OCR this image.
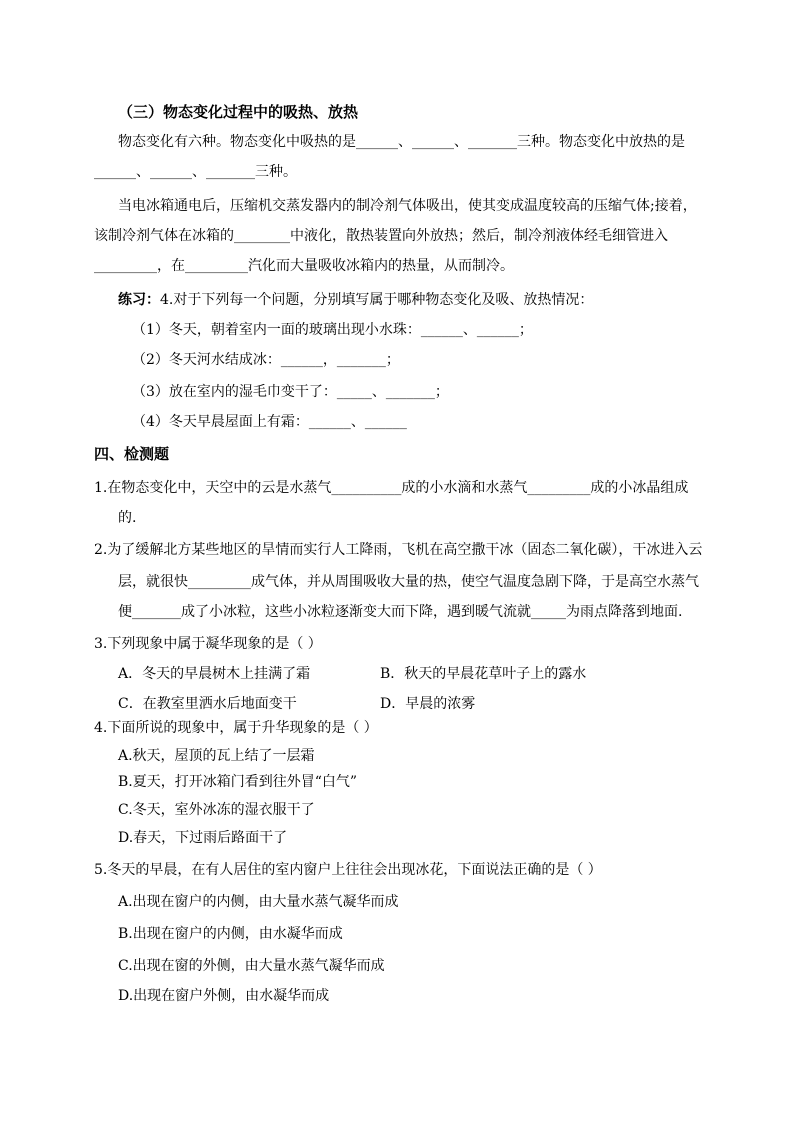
（三）物态变化过程中的吸热、放热
物态变化有六种。物态变化中吸热的是______、______、_______三种。物态变化中放热的是
______、______、_______三种。
当电冰箱通电后，压缩机交蒸发器内的制冷剂气体吸出，使其变成温度较高的压缩气体;接着，
该制冷剂气体在冰箱的________中液化，散热装置向外放热；然后，制冷剂液体经毛细管进入
_________，在_________汽化而大量吸收冰箱内的热量，从而制冷。
练习：4.对于下列每一个问题，分别填写属于哪种物态变化及吸、放热情况：
（1）冬天，朝着室内一面的玻璃出现小水珠：______、______；
（2）冬天河水结成冰：______，_______；
（3）放在室内的湿毛巾变干了：_____、_______；
（4）冬天早晨屋面上有霜：______、______
四、检测题
1.在物态变化中，天空中的云是水蒸气__________成的小水滴和水蒸气_________成的小冰晶组成
的.
2.为了缓解北方某些地区的旱情而实行人工降雨，飞机在高空撒干冰（固态二氧化碳），干冰进入云
层，就很快_________成气体，并从周围吸收大量的热，使空气温度急剧下降，于是高空水蒸气
便_______成了小冰粒，这些小冰粒逐渐变大而下降，遇到暖气流就_____为雨点降落到地面.
3.下列现象中属于凝华现象的是（ ）
A．冬天的早晨树木上挂满了霜	B．秋天的早晨花草叶子上的露水
C．在教室里洒水后地面变干	D．早晨的浓雾
4.下面所说的现象中，属于升华现象的是（ ）
A.秋天，屋顶的瓦上结了一层霜
B.夏天，打开冰箱门看到往外冒“白气”
C.冬天，室外冰冻的湿衣服干了
D.春天，下过雨后路面干了
5.冬天的早晨，在有人居住的室内窗户上往往会出现冰花，下面说法正确的是（ ）
A.出现在窗户的内侧，由大量水蒸气凝华而成
B.出现在窗户的内侧，由水凝华而成
C.出现在窗的外侧，由大量水蒸气凝华而成
D.出现在窗户外侧，由水凝华而成
